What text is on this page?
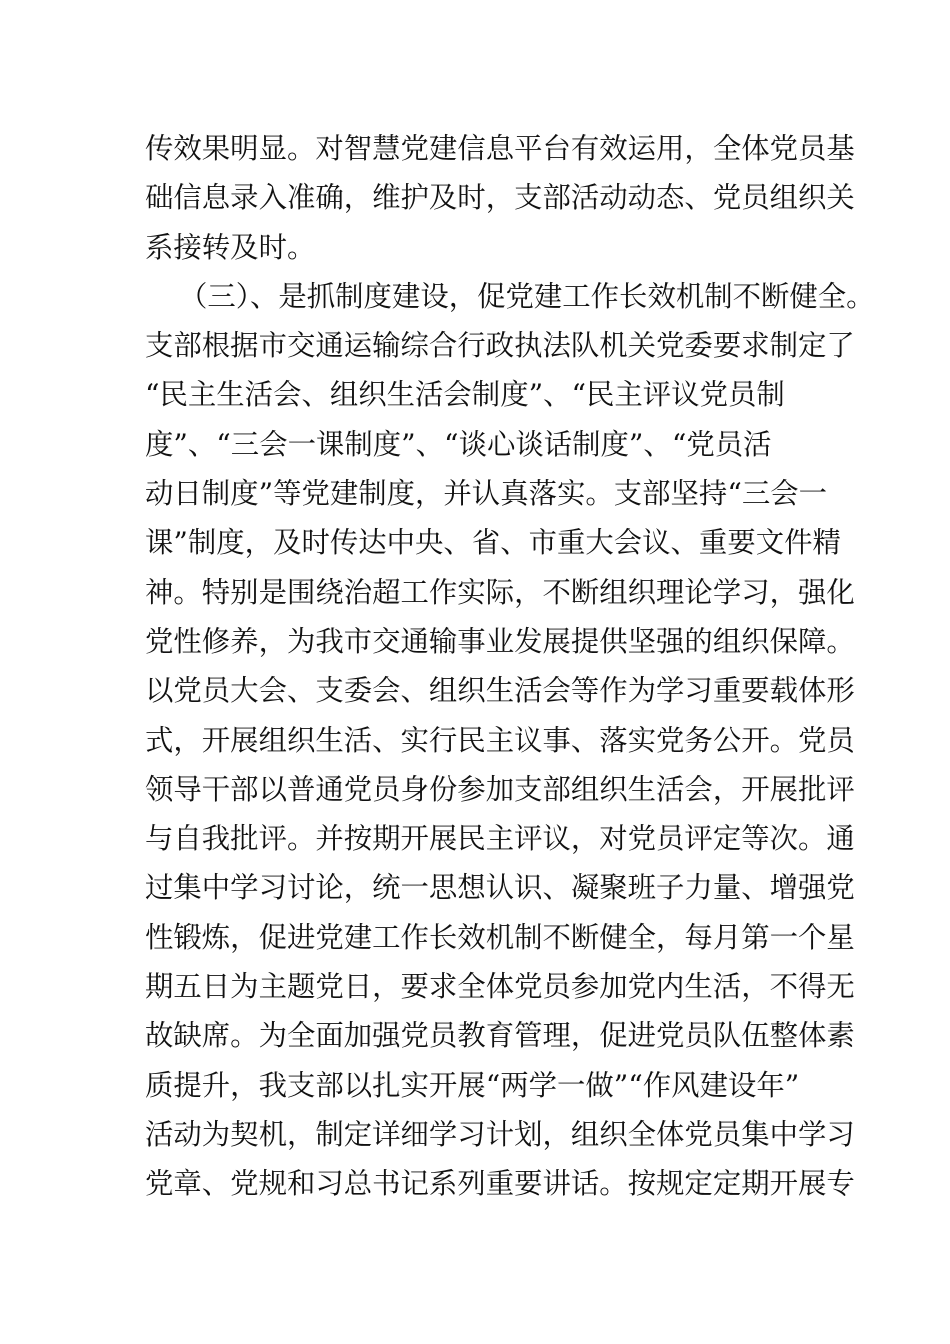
传效果明显。对智慧党建信息平台有效运用，全体党员基
础信息录入准确，维护及时，支部活动动态、党员组织关
系接转及时。
（三）、是抓制度建设，促党建工作长效机制不断健全。
支部根据市交通运输综合行政执法队机关党委要求制定了
“民主生活会、组织生活会制度”、“民主评议党员制
度”、“三会一课制度”、“谈心谈话制度”、“党员活
动日制度”等党建制度，并认真落实。支部坚持“三会一
课”制度，及时传达中央、省、市重大会议、重要文件精
神。特别是围绕治超工作实际，不断组织理论学习，强化
党性修养，为我市交通输事业发展提供坚强的组织保障。
以党员大会、支委会、组织生活会等作为学习重要载体形
式，开展组织生活、实行民主议事、落实党务公开。党员
领导干部以普通党员身份参加支部组织生活会，开展批评
与自我批评。并按期开展民主评议，对党员评定等次。通
过集中学习讨论，统一思想认识、凝聚班子力量、增强党
性锻炼，促进党建工作长效机制不断健全，每月第一个星
期五日为主题党日，要求全体党员参加党内生活，不得无
故缺席。为全面加强党员教育管理，促进党员队伍整体素
质提升，我支部以扎实开展“两学一做”“作风建设年”
活动为契机，制定详细学习计划，组织全体党员集中学习
党章、党规和习总书记系列重要讲话。按规定定期开展专
